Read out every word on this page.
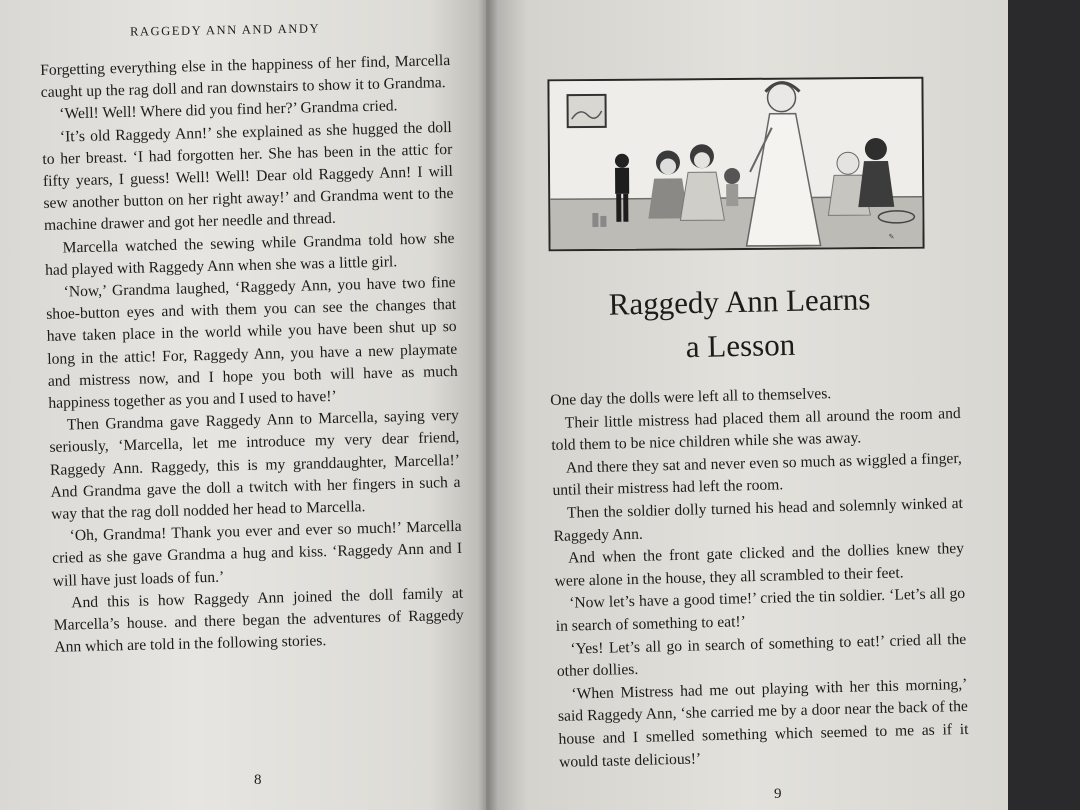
RAGGEDY ANN AND ANDY

Forgetting everything else in the happiness of her find, Marcella caught up the rag doll and ran downstairs to show it to Grandma.

‘Well! Well! Where did you find her?’ Grandma cried.

‘It’s old Raggedy Ann!’ she explained as she hugged the doll to her breast. ‘I had forgotten her. She has been in the attic for fifty years, I guess! Well! Well! Dear old Raggedy Ann! I will sew another button on her right away!’ and Grandma went to the machine drawer and got her needle and thread.

Marcella watched the sewing while Grandma told how she had played with Raggedy Ann when she was a little girl.

‘Now,’ Grandma laughed, ‘Raggedy Ann, you have two fine shoe-button eyes and with them you can see the changes that have taken place in the world while you have been shut up so long in the attic! For, Raggedy Ann, you have a new playmate and mistress now, and I hope you both will have as much happiness together as you and I used to have!’

Then Grandma gave Raggedy Ann to Marcella, saying very seriously, ‘Marcella, let me introduce my very dear friend, Raggedy Ann. Raggedy, this is my granddaughter, Marcella!’ And Grandma gave the doll a twitch with her fingers in such a way that the rag doll nodded her head to Marcella.

‘Oh, Grandma! Thank you ever and ever so much!’ Marcella cried as she gave Grandma a hug and kiss. ‘Raggedy Ann and I will have just loads of fun.’

And this is how Raggedy Ann joined the doll family at Marcella’s house. and there began the adventures of Raggedy Ann which are told in the following stories.

8
✎
Raggedy Ann Learns
a Lesson

One day the dolls were left all to themselves.

Their little mistress had placed them all around the room and told them to be nice children while she was away.

And there they sat and never even so much as wiggled a finger, until their mistress had left the room.

Then the soldier dolly turned his head and solemnly winked at Raggedy Ann.

And when the front gate clicked and the dollies knew they were alone in the house, they all scrambled to their feet.

‘Now let’s have a good time!’ cried the tin soldier. ‘Let’s all go in search of something to eat!’

‘Yes! Let’s all go in search of something to eat!’ cried all the other dollies.

‘When Mistress had me out playing with her this morning,’ said Raggedy Ann, ‘she carried me by a door near the back of the house and I smelled something which seemed to me as if it would taste delicious!’

9
